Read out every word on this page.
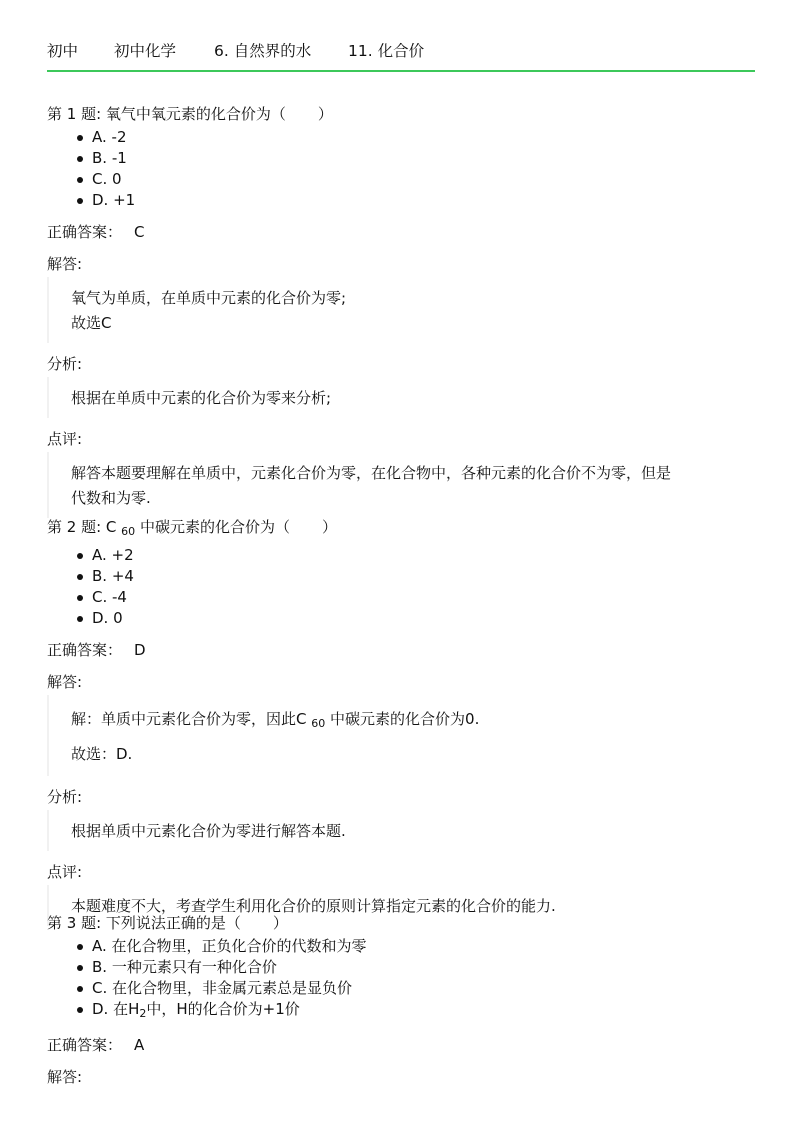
初中 初中化学 6. 自然界的水 11. 化合价

第 1 题: 氧气中氧元素的化合价为（ ）

A. -2
B. -1
C. 0
D. +1
正确答案： C
解答:

氧气为单质，在单质中元素的化合价为零;

故选C

分析:

根据在单质中元素的化合价为零来分析;

点评:

解答本题要理解在单质中，元素化合价为零，在化合物中，各种元素的化合价不为零，但是

代数和为零.

第 2 题: C $_{60}$ 中碳元素的化合价为（ ）

A. +2
B. +4
C. -4
D. 0
正确答案： D
解答:

解：单质中元素化合价为零，因此C $_{60}$ 中碳元素的化合价为0.

故选：D.

分析:

根据单质中元素化合价为零进行解答本题.

点评:

本题难度不大，考查学生利用化合价的原则计算指定元素的化合价的能力.

第 3 题: 下列说法正确的是（ ）

A. 在化合物里，正负化合价的代数和为零
B. 一种元素只有一种化合价
C. 在化合物里，非金属元素总是显负价
D. 在$H_2$中，H的化合价为+1价
正确答案： A
解答:
